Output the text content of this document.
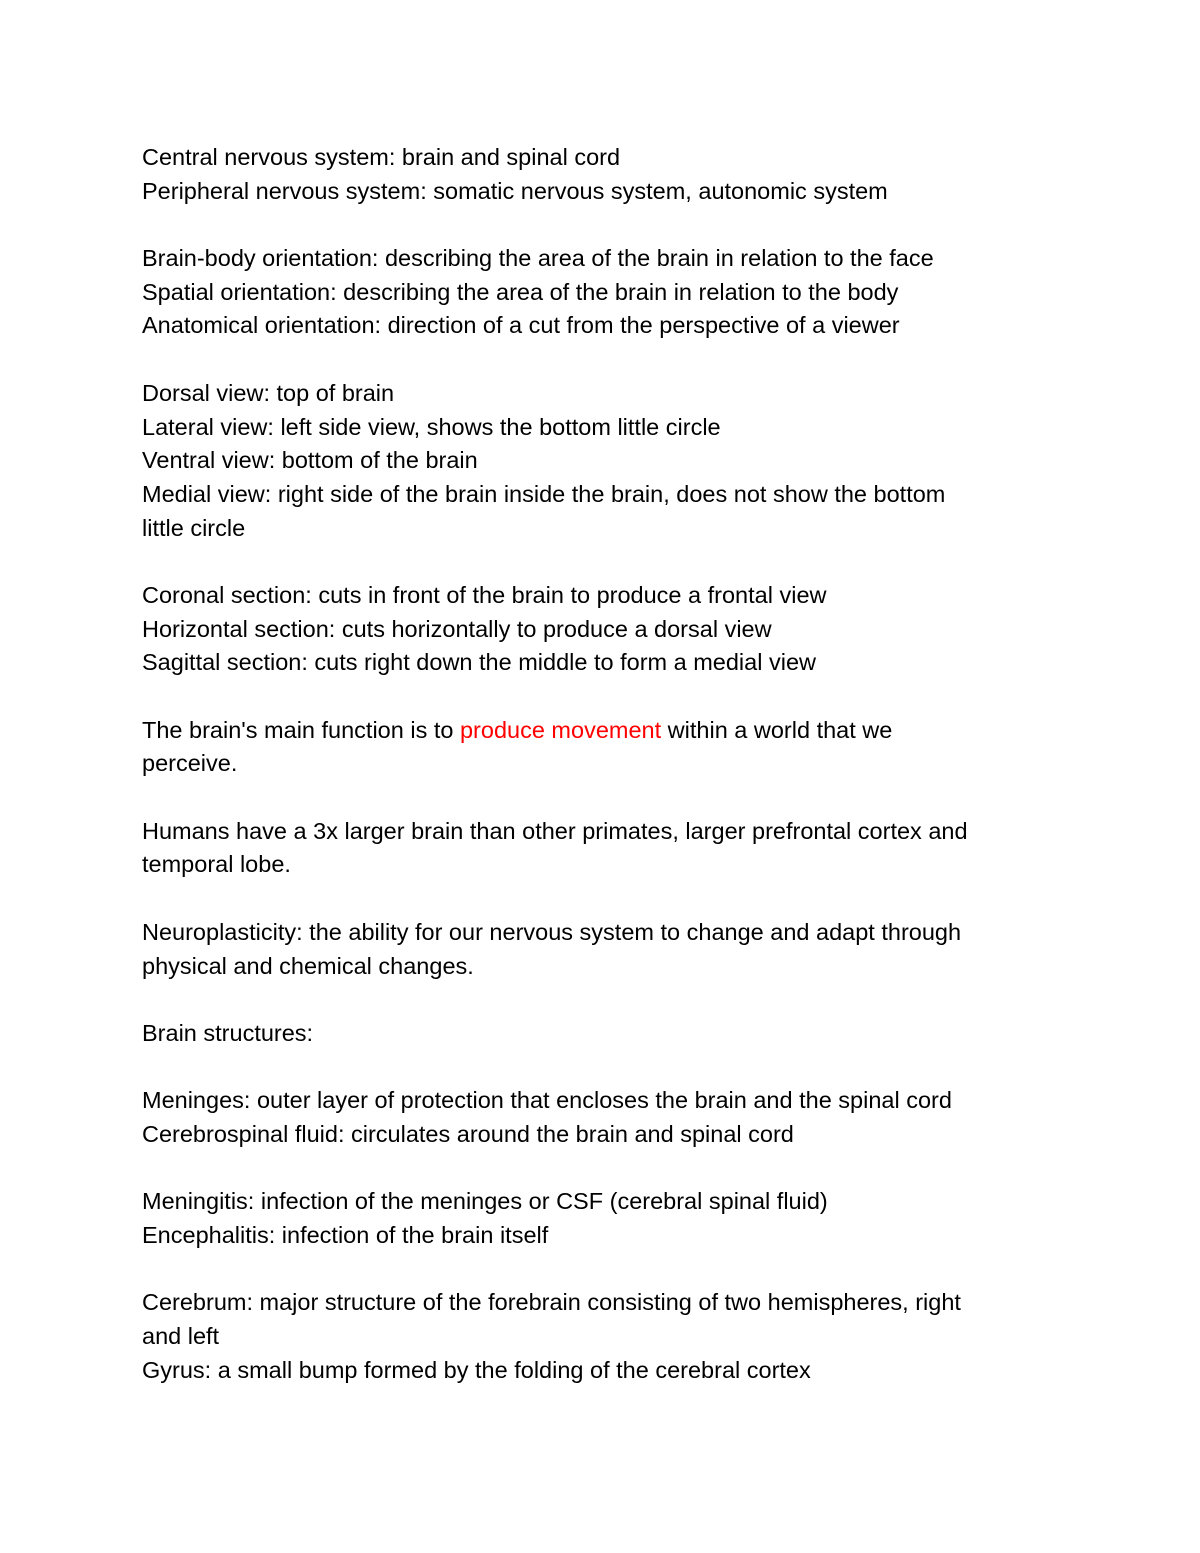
Central nervous system: brain and spinal cord
Peripheral nervous system: somatic nervous system, autonomic system
Brain-body orientation: describing the area of the brain in relation to the face
Spatial orientation: describing the area of the brain in relation to the body
Anatomical orientation: direction of a cut from the perspective of a viewer
Dorsal view: top of brain
Lateral view: left side view, shows the bottom little circle
Ventral view: bottom of the brain
Medial view: right side of the brain inside the brain, does not show the bottom
little circle
Coronal section: cuts in front of the brain to produce a frontal view
Horizontal section: cuts horizontally to produce a dorsal view
Sagittal section: cuts right down the middle to form a medial view
The brain's main function is to produce movement within a world that we
perceive.
Humans have a 3x larger brain than other primates, larger prefrontal cortex and
temporal lobe.
Neuroplasticity: the ability for our nervous system to change and adapt through
physical and chemical changes.
Brain structures:
Meninges: outer layer of protection that encloses the brain and the spinal cord
Cerebrospinal fluid: circulates around the brain and spinal cord
Meningitis: infection of the meninges or CSF (cerebral spinal fluid)
Encephalitis: infection of the brain itself
Cerebrum: major structure of the forebrain consisting of two hemispheres, right
and left
Gyrus: a small bump formed by the folding of the cerebral cortex
